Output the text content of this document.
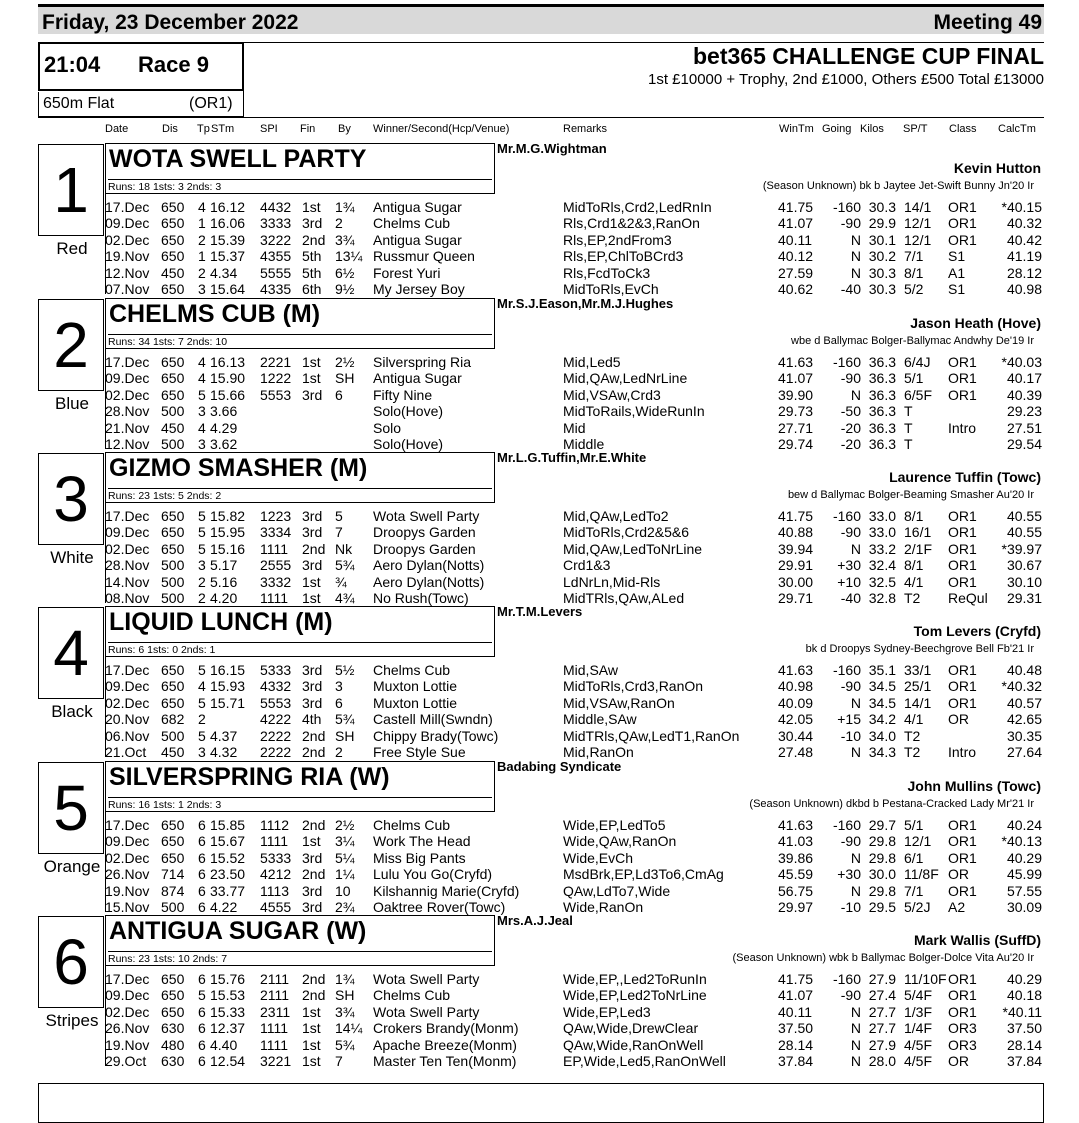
Friday, 23 December 2022	Meeting 49
21:04 Race 9
650m Flat	(OR1)
bet365 CHALLENGE CUP FINAL
1st £10000 + Trophy, 2nd £1000, Others £500 Total £13000
Date	Dis Tp STm SPI Fin By Winner/Second(Hcp/Venue)	Remarks	WinTm Going Kilos SP/T Class CalcTm
1
Red
WOTA SWELL PARTY
Runs: 18 1sts: 3 2nds: 3
Mr.M.G.Wightman
Kevin Hutton
(Season Unknown) bk b Jaytee Jet-Swift Bunny Jn'20 Ir
17.Dec 650 4 16.12 4432 1st 1¾ Antigua Sugar	MidToRls,Crd2,LedRnIn	41.75	-160 30.3 14/1 OR1 *40.15
09.Dec 650 1 16.06 3333 3rd 2 Chelms Cub	Rls,Crd1&2&3,RanOn	41.07	-90 29.9 12/1 OR1	40.32
02.Dec 650 2 15.39 3222 2nd 3¾ Antigua Sugar	Rls,EP,2ndFrom3	40.11	N 30.1 12/1 OR1	40.42
19.Nov 650 1 15.37 4355 5th 13¼ Russmur Queen	Rls,EP,ChlToBCrd3	40.12	N 30.2 7/1 S1	41.19
12.Nov 450 2 4.34 5555 5th 6½ Forest Yuri	Rls,FcdToCk3	27.59	N 30.3 8/1 A1	28.12
07.Nov 650 3 15.64 4335 6th 9½ My Jersey Boy	MidToRls,EvCh	40.62	-40 30.3 5/2 S1	40.98
2
Blue
CHELMS CUB (M)
Runs: 34 1sts: 7 2nds: 10
Mr.S.J.Eason,Mr.M.J.Hughes
Jason Heath (Hove)
wbe d Ballymac Bolger-Ballymac Andwhy De'19 Ir
17.Dec 650 4 16.13 2221 1st 2½ Silverspring Ria	Mid,Led5	41.63	-160 36.3 6/4J OR1 *40.03
09.Dec 650 4 15.90 1222 1st SH Antigua Sugar	Mid,QAw,LedNrLine	41.07	-90 36.3 5/1 OR1	40.17
02.Dec 650 5 15.66 5553 3rd 6 Fifty Nine	Mid,VSAw,Crd3	39.90	N 36.3 6/5F OR1	40.39
28.Nov 500 3 3.66	Solo(Hove)	MidToRails,WideRunIn	29.73	-50 36.3 T	29.23
21.Nov 450 4 4.29	Solo	Mid	27.71	-20 36.3 T	Intro	27.51
12.Nov 500 3 3.62	Solo(Hove)	Middle	29.74	-20 36.3 T	29.54
3
White
GIZMO SMASHER (M)
Runs: 23 1sts: 5 2nds: 2
Mr.L.G.Tuffin,Mr.E.White
Laurence Tuffin (Towc)
bew d Ballymac Bolger-Beaming Smasher Au'20 Ir
17.Dec 650 5 15.82 1223 3rd 5 Wota Swell Party	Mid,QAw,LedTo2	41.75	-160 33.0 8/1 OR1	40.55
09.Dec 650 5 15.95 3334 3rd 7 Droopys Garden	MidToRls,Crd2&5&6	40.88	-90 33.0 16/1 OR1	40.55
02.Dec 650 5 15.16 1111 2nd Nk Droopys Garden	Mid,QAw,LedToNrLine	39.94	N 33.2 2/1F OR1 *39.97
28.Nov 500 3 5.17 2555 3rd 5¾ Aero Dylan(Notts)	Crd1&3	29.91	+30 32.4 8/1 OR1	30.67
14.Nov 500 2 5.16 3332 1st ¾ Aero Dylan(Notts)	LdNrLn,Mid-Rls	30.00	+10 32.5 4/1 OR1	30.10
08.Nov 500 2 4.20 1111 1st 4¾ No Rush(Towc)	MidTRls,QAw,ALed	29.71	-40 32.8 T2 ReQul	29.31
4
Black
LIQUID LUNCH (M)
Runs: 6 1sts: 0 2nds: 1
Mr.T.M.Levers
Tom Levers (Cryfd)
bk d Droopys Sydney-Beechgrove Bell Fb'21 Ir
17.Dec 650 5 16.15 5333 3rd 5½ Chelms Cub	Mid,SAw	41.63	-160 35.1 33/1 OR1	40.48
09.Dec 650 4 15.93 4332 3rd 3 Muxton Lottie	MidToRls,Crd3,RanOn	40.98	-90 34.5 25/1 OR1 *40.32
02.Dec 650 5 15.71 5553 3rd 6 Muxton Lottie	Mid,VSAw,RanOn	40.09	N 34.5 14/1 OR1	40.57
20.Nov 682 2	4222 4th 5¾ Castell Mill(Swndn)	Middle,SAw	42.05	+15 34.2 4/1 OR	42.65
06.Nov 500 5 4.37 2222 2nd SH Chippy Brady(Towc)	MidTRls,QAw,LedT1,RanOn	30.44	-10 34.0 T2	30.35
21.Oct 450 3 4.32 2222 2nd 2 Free Style Sue	Mid,RanOn	27.48	N 34.3 T2 Intro	27.64
5
Orange
SILVERSPRING RIA (W)
Runs: 16 1sts: 1 2nds: 3
Badabing Syndicate
John Mullins (Towc)
(Season Unknown) dkbd b Pestana-Cracked Lady Mr'21 Ir
17.Dec 650 6 15.85 1112 2nd 2½ Chelms Cub	Wide,EP,LedTo5	41.63	-160 29.7 5/1 OR1	40.24
09.Dec 650 6 15.67 1111 1st 3¼ Work The Head	Wide,QAw,RanOn	41.03	-90 29.8 12/1 OR1 *40.13
02.Dec 650 6 15.52 5333 3rd 5¼ Miss Big Pants	Wide,EvCh	39.86	N 29.8 6/1 OR1	40.29
26.Nov 714 6 23.50 4212 2nd 1¼ Lulu You Go(Cryfd)	MsdBrk,EP,Ld3To6,CmAg	45.59	+30 30.0 11/8F OR	45.99
19.Nov 874 6 33.77 1113 3rd 10 Kilshannig Marie(Cryfd)	QAw,LdTo7,Wide	56.75	N 29.8 7/1 OR1	57.55
15.Nov 500 6 4.22 4555 3rd 2¾ Oaktree Rover(Towc)	Wide,RanOn	29.97	-10 29.5 5/2J A2	30.09
6
Stripes
ANTIGUA SUGAR (W)
Runs: 23 1sts: 10 2nds: 7
Mrs.A.J.Jeal
Mark Wallis (SuffD)
(Season Unknown) wbk b Ballymac Bolger-Dolce Vita Au'20 Ir
17.Dec 650 6 15.76 2111 2nd 1¾ Wota Swell Party	Wide,EP,,Led2ToRunIn	41.75	-160 27.9 11/10F OR1	40.29
09.Dec 650 5 15.53 2111 2nd SH Chelms Cub	Wide,EP,Led2ToNrLine	41.07	-90 27.4 5/4F OR1	40.18
02.Dec 650 6 15.33 2311 1st 3¾ Wota Swell Party	Wide,EP,Led3	40.11	N 27.7 1/3F OR1 *40.11
26.Nov 630 6 12.37 1111 1st 14¼ Crokers Brandy(Monm)	QAw,Wide,DrewClear	37.50	N 27.7 1/4F OR3	37.50
19.Nov 480 6 4.40 1111 1st 5¾ Apache Breeze(Monm)	QAw,Wide,RanOnWell	28.14	N 27.9 4/5F OR3	28.14
29.Oct 630 6 12.54 3221 1st 7 Master Ten Ten(Monm)	EP,Wide,Led5,RanOnWell	37.84	N 28.0 4/5F OR	37.84
